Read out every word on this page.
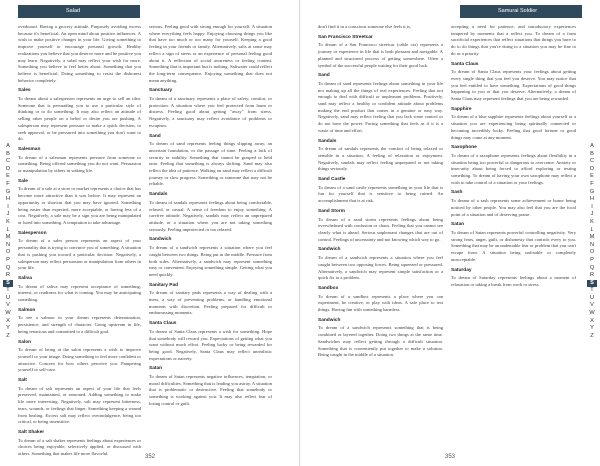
Salad
overboard. Having a grocery attitude. Purposely avoiding excess because it's beneficial. An open mind about positive influences. A wish to make positive changes in your life. Giving something to improve yourself or encourage personal growth. Healthy realizations you believe that you deserve more and be positive you may learn. Negatively, a salad may reflect your wish for more. Something you believe to feel better about. Something that you believe is beneficial. Doing something to resist the dishonest behavior completely.
Sales
To dream about a salesperson represents an urge to sell an idea. Someone that is persuading you to use a particular style of thinking or to do something. It may also reflect an attitude of selling other people on a belief or desire you are pushing. A salesperson may represent pressure to make a quick decision, to seek approval, or be pressured into something you don't want to do.
Salesman
To dream of a salesman represents pressure from someone or something. Being offered something you do not want. Persuasion or manipulation by others in waking life.
Sale
To dream of a sale at a store or market represents a choice that has become more attractive than it was before. It may represent an opportunity or shortcut that you may have ignored. Something being easier than expected, more acceptable, or having less of a cost. Negatively, a sale may be a sign you are being manipulated or lured into something. A temptation to take advantage.
Salesperson
To dream of a sales person represents an aspect of your personality that is trying to convince you of something. A situation that is pushing you toward a particular decision. Negatively, a salesperson may reflect persuasion or manipulation from others in your life.
Saliva
To dream of saliva may represent acceptance of something, interest, or readiness for what is coming. You may be anticipating something.
Salmon
To see a salmon in your dream represents determination, persistence, and strength of character. Going upstream in life, being tenacious and committed to a difficult goal.
Salon
To dream of being at the salon represents a wish to improve yourself or your image. Doing something to feel more confident or attractive. Concern for how others perceive you. Pampering yourself or self-care.
Salt
To dream of salt represents an aspect of your life that feels preserved, maintained, or seasoned. Adding something to make life more interesting. Negatively, salt may represent bitterness, tears, wounds, or feelings that linger. Something keeping a wound from healing. Excess salt may reflect overindulgence, being too critical, or being insensitive.
Salt Shaker
To dream of a salt shaker represents feelings about experiences or choices being enjoyable, selectively applied, or discussed with others. Something that makes life more flavorful.
serious. Feeling good with strong enough for yourself. A situation where everything feels happy. Enjoying choosing things you like that have too much or too many for yourself. Keeping a good feeling in your friends or family. Alternatively, salts at some may reflect a sign of stress or an experience of personal feeling good about it. A reflection of social awareness or feeling content. Something that is important but is nothing. Saltwater could reflect the long-term consequence. Enjoying something that does not mean anything.
Sanctuary
To dream of a sanctuary represents a place of safety, comfort, or protection. A situation where you feel protected from harm or distress. Feeling good about getting "away" from stress. Negatively, a sanctuary may reflect avoidance of problems or escapism.
Sand
To dream of sand represents feeling things slipping away, an uncertain foundation, or the passage of time. Feeling a lack of security or stability. Something that cannot be grasped or held onto. Feeling that something is always shifting. Sand may also reflect the idea of patience. Walking on sand may reflect a difficult journey or slow progress. Something or someone that may not be reliable.
Sandals
To dream of sandals represents feelings about being comfortable, relaxed, or casual. A sense of freedom to enjoy something. A carefree attitude. Negatively, sandals may reflect an unprepared attitude, or a situation where you are not taking something seriously. Feeling unprotected or too relaxed.
Sandwich
To dream of a sandwich represents a situation where you feel caught between two things. Being put in the middle. Pressure from both sides. Alternatively, a sandwich may represent something easy or convenient. Enjoying something simple. Getting what you need quickly.
Sanitary Pad
To dream of sanitary pads represents a way of dealing with a mess, a way of preventing problems, or handling emotional moments with discretion. Feeling prepared for difficult or embarrassing moments.
Santa Claus
To dream of Santa Claus represents a wish for something. Hope that somebody will reward you. Expectations of getting what you want without much effort. Feeling lucky or being rewarded for being good. Negatively, Santa Claus may reflect unrealistic expectations or naivety.
Satan
To dream of Satan represents negative influences, temptation, or moral difficulties. Something that is leading you astray. A situation that is problematic or destructive. Feeling that somebody or something is working against you. It may also reflect fear of losing control or guilt.
A
B
C
D
E
F
G
H
I
J
K
L
M
N
O
P
Q
R
S
T
U
V
W
X
Y
Z
352
Samurai Soldier
don't find it in a conscious someone else feels it is.
San Francisco Streetcar
To dream of a San Francisco streetcar (cable car) represents a journey or experience in life that is both pleasant and navigable. A planned and structured process of getting somewhere. Often a symbol of the successful people waiting for their good luck.
Sand
To dream of sand represents feelings about something in your life not making up all the things of real experiences. Feeling that not enough to deal with difficult or unpleasant problems. Positively, sand may reflect a healthy or confident attitude about problems making the end product that comes in a genuine or easy way. Negatively, sand may reflect feeling that you lack some control or do not have the power. Facing something that feels as if it is a waste of time and effort.
Sandals
To dream of sandals represents the comfort of being relaxed or sensible in a situation. A feeling of relaxation or enjoyment. Negatively, sandals may reflect feeling unprepared or not taking things seriously.
Sand Castle
To dream of a sand castle represents something in your life that is fun for yourself that is sensitive to being ruined. An accomplishment that is at risk.
Sand Storm
To dream of a sand storm represents feelings about being overwhelmed with confusion or chaos. Feeling that you cannot see clearly what is ahead. Serious unpleasant changes that are out of control. Feelings of uncertainty and not knowing which way to go.
Sandwich
To dream of a sandwich represents a situation where you feel caught between two opposing forces. Being squeezed or pressured. Alternatively, a sandwich may represent simple satisfaction or a quick fix to a problem.
Sandbox
To dream of a sandbox represents a place where you can experiment, be creative, or play with ideas. A safe place to test things. Having fun with something harmless.
Sandwich
To dream of a sandwich represents something that is being combined or layered together. Doing two things at the same time. Sandwiches may reflect getting through a difficult situation. Something that is conveniently put together to make a solution. Being caught in the middle of a situation.
accepting a need for patience, and introductory experiences tempered by moments that a reflect you. To dream of a form sacrificial experiences that reflect situations that things you have to do to do things that you're doing to a situation you may be fine to do as a priority.
Santa Claus
To dream of Santa Claus represents your feelings about getting every single thing that you feel you deserve. You may notice that you feel entitled to have something. Expectations of good things happening to you or that you deserve. Alternatively, a dream of Santa Claus may represent feelings that you are being rewarded.
Sapphire
To dream of a blue sapphire represents feelings about yourself or a situation you are experiencing being spiritually connected or becoming incredibly lucky. Feeling that good fortune or good things may come at any moment.
Saxophone
To dream of a saxophone represents feelings about flexibility in a situation being too powerful or dangerous to overcome. Anxiety or insecurity about being forced to afford exploring or testing something. To dream of having your own saxophone may reflect a wish to take control of a situation or your feelings.
Sash
To dream of a sash represents some achievement or honor being noticed by other people. You may also feel that you are the focal point of a situation and of deserving praise.
Satan
To dream of Satan represents powerful controlling negativity. Very strong fears, anger, guilt, or dishonesty that controls every to you. Something that may be an undeniable fear or problem that you can't escape from. A situation being unfixable or completely unacceptable.
Saturday
To dream of Saturday represents feelings about a moment of relaxation or taking a break from work or stress.
A
B
C
D
E
F
G
H
I
J
K
L
M
N
O
P
Q
R
S
T
U
V
W
X
Y
Z
353
